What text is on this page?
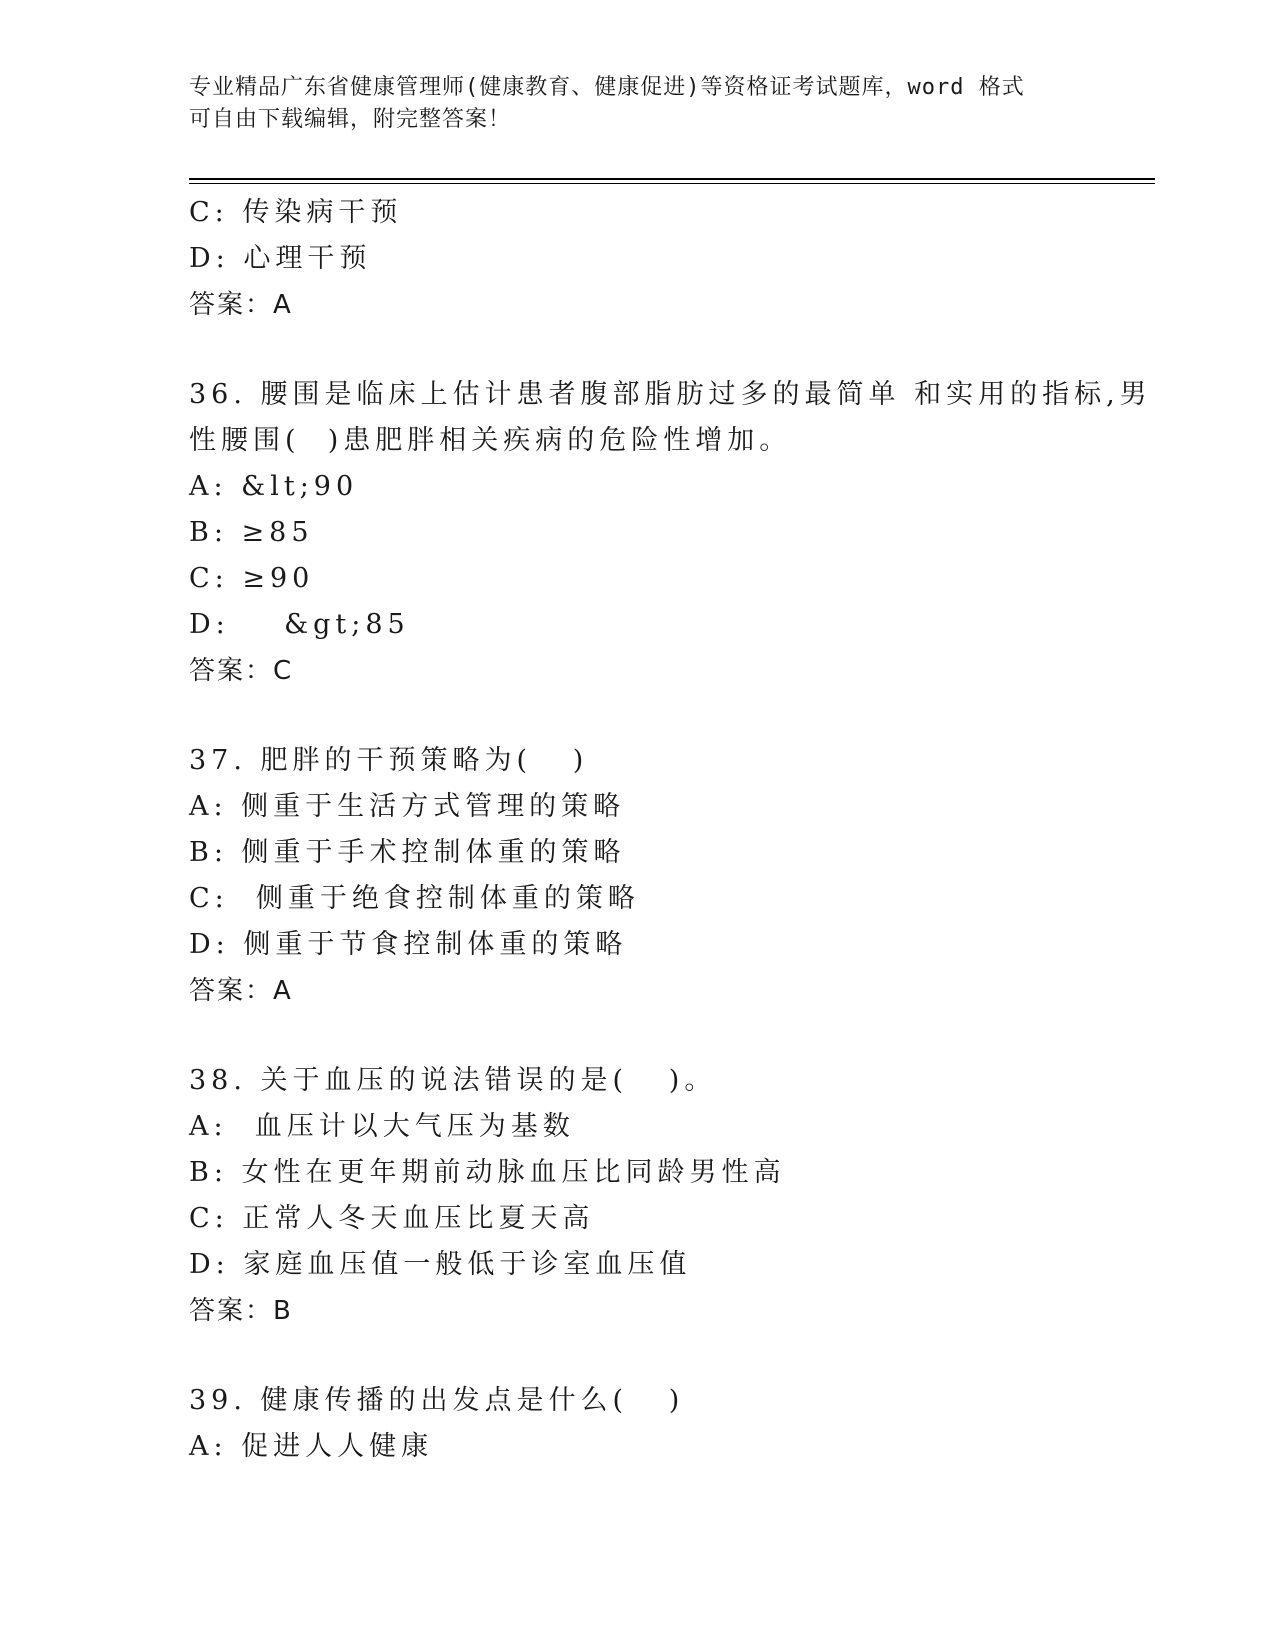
专业精品广东省健康管理师(健康教育、健康促进)等资格证考试题库，word 格式
可自由下载编辑，附完整答案！
C: 传染病干预
D: 心理干预
答案：A
36. 腰围是临床上估计患者腹部脂肪过多的最简单 和实用的指标,男
性腰围(  )患肥胖相关疾病的危险性增加。
A: &lt;90
B: ≥85
C: ≥90
D:    &gt;85
答案：C
37. 肥胖的干预策略为(   )
A: 侧重于生活方式管理的策略
B: 侧重于手术控制体重的策略
C:  侧重于绝食控制体重的策略
D: 侧重于节食控制体重的策略
答案：A
38. 关于血压的说法错误的是(   )。
A:  血压计以大气压为基数
B: 女性在更年期前动脉血压比同龄男性高
C: 正常人冬天血压比夏天高
D: 家庭血压值一般低于诊室血压值
答案：B
39. 健康传播的出发点是什么(   )
A: 促进人人健康
